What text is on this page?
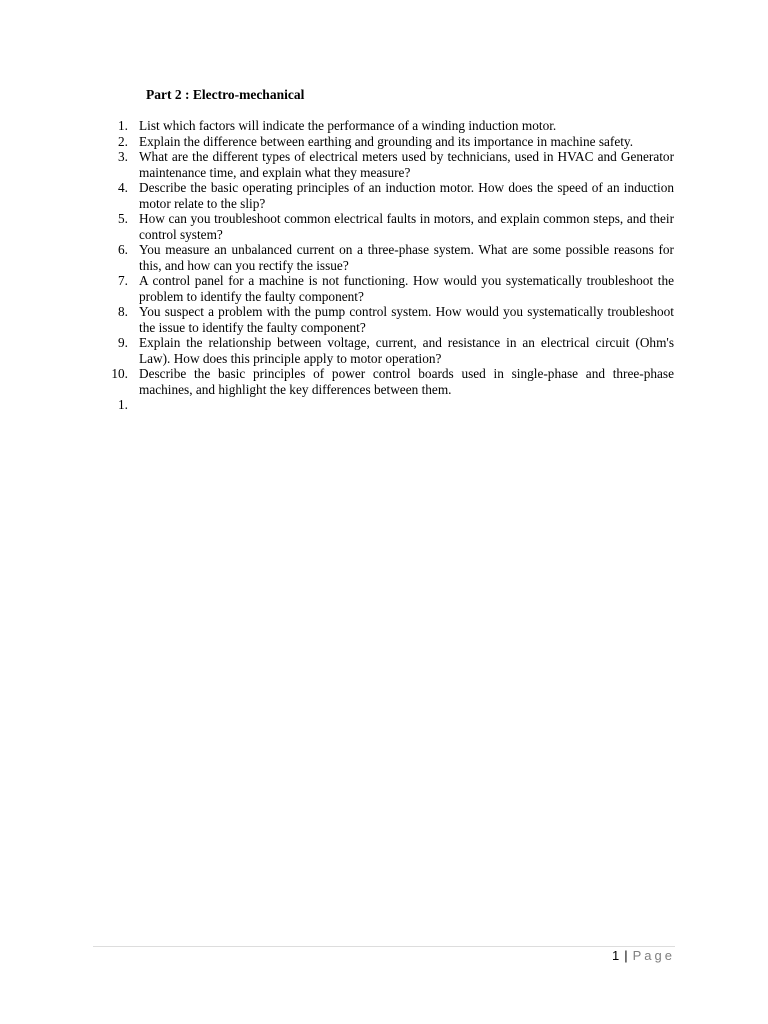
Part 2 : Electro-mechanical
1. List which factors will indicate the performance of a winding induction motor.
2. Explain the difference between earthing and grounding and its importance in machine safety.
3. What are the different types of electrical meters used by technicians, used in HVAC and Generator maintenance time, and explain what they measure?
4. Describe the basic operating principles of an induction motor. How does the speed of an induction motor relate to the slip?
5. How can you troubleshoot common electrical faults in motors, and explain common steps, and their control system?
6. You measure an unbalanced current on a three-phase system. What are some possible reasons for this, and how can you rectify the issue?
7. A control panel for a machine is not functioning. How would you systematically troubleshoot the problem to identify the faulty component?
8. You suspect a problem with the pump control system. How would you systematically troubleshoot the issue to identify the faulty component?
9. Explain the relationship between voltage, current, and resistance in an electrical circuit (Ohm's Law). How does this principle apply to motor operation?
10. Describe the basic principles of power control boards used in single-phase and three-phase machines, and highlight the key differences between them.
1.

1 | Page
